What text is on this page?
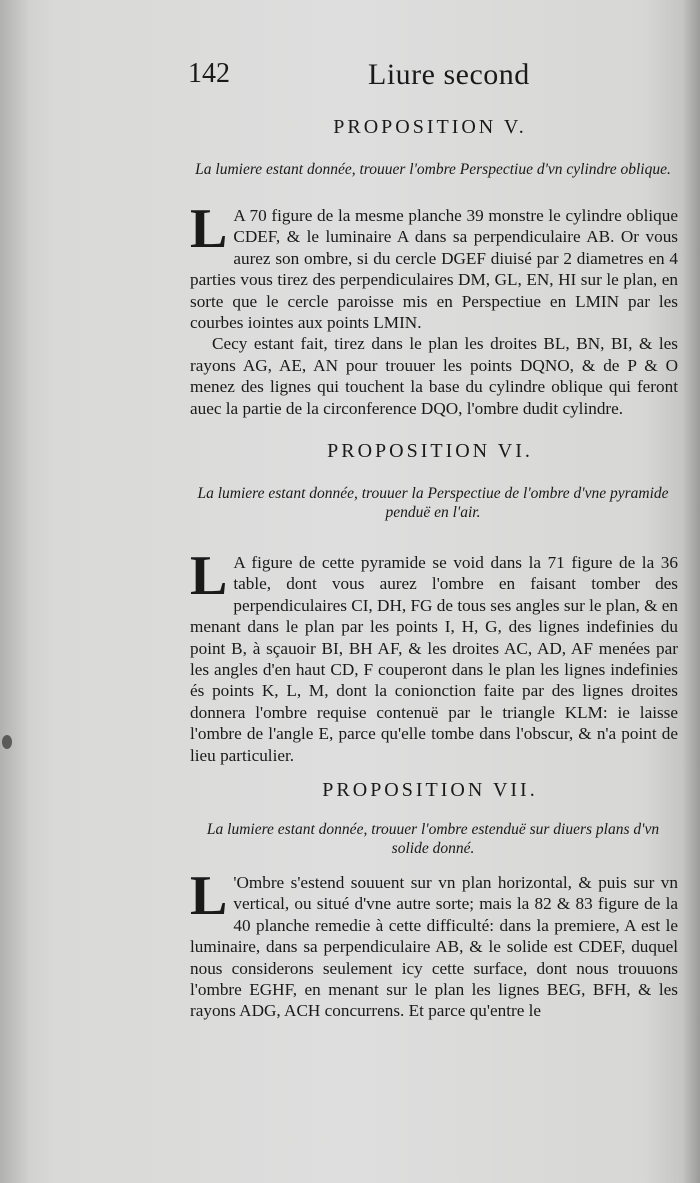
142	Liure second
PROPOSITION V.
La lumiere estant donnée, trouuer l'ombre Perspectiue d'vn cylindre oblique.

L A 70 figure de la mesme planche 39 monstre le cylindre oblique CDEF, & le luminaire A dans sa perpendiculaire AB. Or vous aurez son ombre, si du cercle DGEF diuisé par 2 diametres en 4 parties vous tirez des perpendiculaires DM, GL, EN, HI sur le plan, en sorte que le cercle paroisse mis en Perspectiue en LMIN par les courbes iointes aux points LMIN.

Cecy estant fait, tirez dans le plan les droites BL, BN, BI, & les rayons AG, AE, AN pour trouuer les points DQNO, & de P & O menez des lignes qui touchent la base du cylindre oblique qui feront auec la partie de la circonference DQO, l'ombre dudit cylindre.

PROPOSITION VI.
La lumiere estant donnée, trouuer la Perspectiue de l'ombre d'vne pyramide penduë en l'air.

L A figure de cette pyramide se void dans la 71 figure de la 36 table, dont vous aurez l'ombre en faisant tomber des perpendiculaires CI, DH, FG de tous ses angles sur le plan, & en menant dans le plan par les points I, H, G, des lignes indefinies du point B, à sçauoir BI, BH AF, & les droites AC, AD, AF menées par les angles d'en haut CD, F couperont dans le plan les lignes indefinies és points K, L, M, dont la conionction faite par des lignes droites donnera l'ombre requise contenuë par le triangle KLM: ie laisse l'ombre de l'angle E, parce qu'elle tombe dans l'obscur, & n'a point de lieu particulier.

PROPOSITION VII.
La lumiere estant donnée, trouuer l'ombre estenduë sur diuers plans d'vn solide donné.

L 'Ombre s'estend souuent sur vn plan horizontal, & puis sur vn vertical, ou situé d'vne autre sorte; mais la 82 & 83 figure de la 40 planche remedie à cette difficulté: dans la premiere, A est le luminaire, dans sa perpendiculaire AB, & le solide est CDEF, duquel nous considerons seulement icy cette surface, dont nous trouuons l'ombre EGHF, en menant sur le plan les lignes BEG, BFH, & les rayons ADG, ACH concurrens. Et parce qu'entre le
